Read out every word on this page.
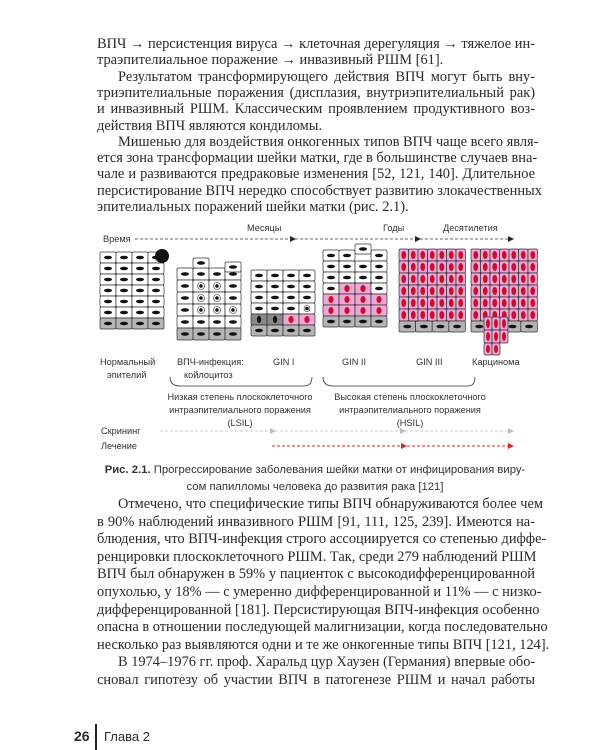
ВПЧ → персистенция вируса → клеточная дерегуляция → тяжелое ин-
траэпителиальное поражение → инвазивный РШМ [61].
Результатом трансформирующего действия ВПЧ могут быть вну-
триэпителиальные поражения (дисплазия, внутриэпителиальный рак)
и инвазивный РШМ. Классическим проявлением продуктивного воз-
действия ВПЧ являются кондиломы.
Мишенью для воздействия онкогенных типов ВПЧ чаще всего явля-
ется зона трансформации шейки матки, где в большинстве случаев вна-
чале и развиваются предраковые изменения [52, 121, 140]. Длительное
персистирование ВПЧ нередко способствует развитию злокачественных
эпителиальных поражений шейки матки (рис. 2.1).
Время
Месяцы	Годы	Десятилетия
Нормальный
эпителий
ВПЧ-инфекция:
койлоцитоз
GIN I	GIN II	GIN III	Карцинома
Низкая степень плоскоклеточного
интраэпителиального поражения
(LSIL)
Высокая степень плоскоклеточного
интраэпителиального поражения
(HSIL)
Скрининг
Лечение
Рис. 2.1. Прогрессирование заболевания шейки матки от инфицирования виру-
сом папилломы человека до развития рака [121]
Отмечено, что специфические типы ВПЧ обнаруживаются более чем
в 90% наблюдений инвазивного РШМ [91, 111, 125, 239]. Имеются на-
блюдения, что ВПЧ-инфекция строго ассоциируется со степенью диффе-
ренцировки плоскоклеточного РШМ. Так, среди 279 наблюдений РШМ
ВПЧ был обнаружен в 59% у пациенток с высокодифференцированной
опухолью, у 18% — с умеренно дифференцированной и 11% — с низко-
дифференцированной [181]. Персистирующая ВПЧ-инфекция особенно
опасна в отношении последующей малигнизации, когда последовательно
несколько раз выявляются одни и те же онкогенные типы ВПЧ [121, 124].
В 1974–1976 гг. проф. Харальд цур Хаузен (Германия) впервые обо-
сновал гипотезу об участии ВПЧ в патогенезе РШМ и начал работы
26 Глава 2
